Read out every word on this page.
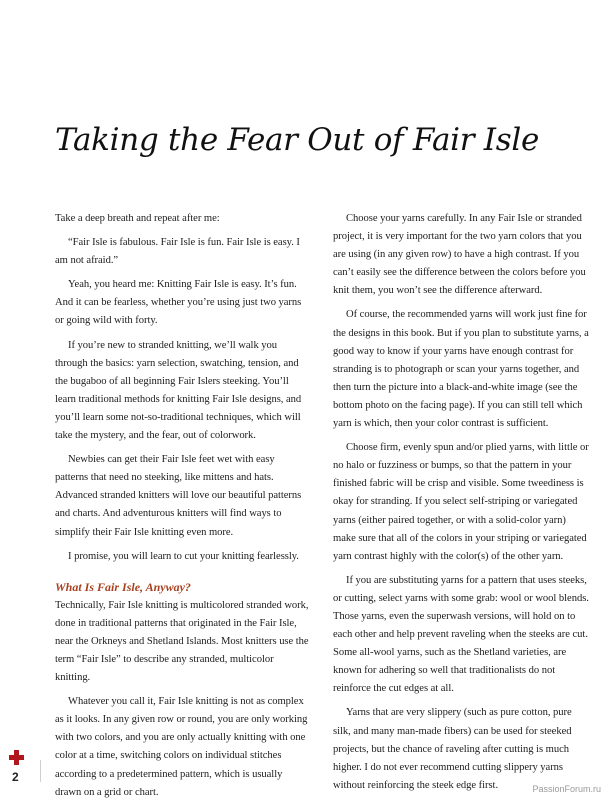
Taking the Fear Out of Fair Isle

Take a deep breath and repeat after me:

“Fair Isle is fabulous. Fair Isle is fun. Fair Isle is easy. I am not afraid.”

Yeah, you heard me: Knitting Fair Isle is easy. It’s fun. And it can be fearless, whether you’re using just two yarns or going wild with forty.

If you’re new to stranded knitting, we’ll walk you through the basics: yarn selection, swatching, tension, and the bugaboo of all beginning Fair Islers steeking. You’ll learn traditional methods for knitting Fair Isle designs, and you’ll learn some not-so-traditional techniques, which will take the mystery, and the fear, out of colorwork.

Newbies can get their Fair Isle feet wet with easy patterns that need no steeking, like mittens and hats. Advanced stranded knitters will love our beautiful patterns and charts. And adventurous knitters will find ways to simplify their Fair Isle knitting even more.

I promise, you will learn to cut your knitting fearlessly.

What Is Fair Isle, Anyway?

Technically, Fair Isle knitting is multicolored stranded work, done in traditional patterns that originated in the Fair Isle, near the Orkneys and Shetland Islands. Most knitters use the term “Fair Isle” to describe any stranded, multicolor knitting.

Whatever you call it, Fair Isle knitting is not as complex as it looks. In any given row or round, you are only working with two colors, and you are only actually knitting with one color at a time, switching colors on individual stitches according to a predetermined pattern, which is usually drawn on a grid or chart.

Choose your yarns carefully. In any Fair Isle or stranded project, it is very important for the two yarn colors that you are using (in any given row) to have a high contrast. If you can’t easily see the difference between the colors before you knit them, you won’t see the difference afterward.

Of course, the recommended yarns will work just fine for the designs in this book. But if you plan to substitute yarns, a good way to know if your yarns have enough contrast for stranding is to photograph or scan your yarns together, and then turn the picture into a black-and-white image (see the bottom photo on the facing page). If you can still tell which yarn is which, then your color contrast is sufficient.

Choose firm, evenly spun and/or plied yarns, with little or no halo or fuzziness or bumps, so that the pattern in your finished fabric will be crisp and visible. Some tweediness is okay for stranding. If you select self-striping or variegated yarns (either paired together, or with a solid-color yarn) make sure that all of the colors in your striping or variegated yarn contrast highly with the color(s) of the other yarn.

If you are substituting yarns for a pattern that uses steeks, or cutting, select yarns with some grab: wool or wool blends. Those yarns, even the superwash versions, will hold on to each other and help prevent raveling when the steeks are cut. Some all-wool yarns, such as the Shetland varieties, are known for adhering so well that traditionalists do not reinforce the cut edges at all.

Yarns that are very slippery (such as pure cotton, pure silk, and many man-made fibers) can be used for steeked projects, but the chance of raveling after cutting is much higher. I do not ever recommend cutting slippery yarns without reinforcing the steek edge first.

2
PassionForum.ru
